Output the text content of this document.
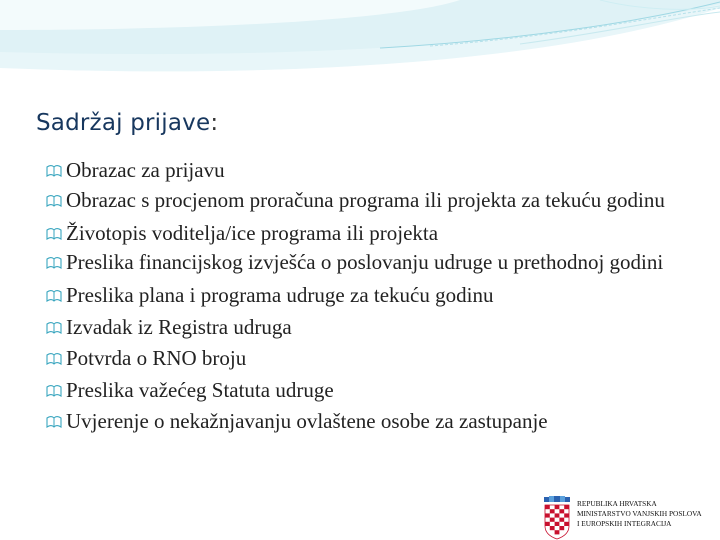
Sadržaj prijave:
Obrazac za prijavu
Obrazac s procjenom proračuna programa ili projekta za tekuću godinu
Životopis voditelja/ice programa ili projekta
Preslika financijskog izvješća o poslovanju udruge u prethodnoj godini
Preslika plana i programa udruge za tekuću godinu
Izvadak iz Registra udruga
Potvrda o RNO broju
Preslika važećeg Statuta udruge
Uvjerenje o nekažnjavanju ovlaštene osobe za zastupanje
REPUBLIKA HRVATSKA
MINISTARSTVO VANJSKIH POSLOVA
I EUROPSKIH INTEGRACIJA
